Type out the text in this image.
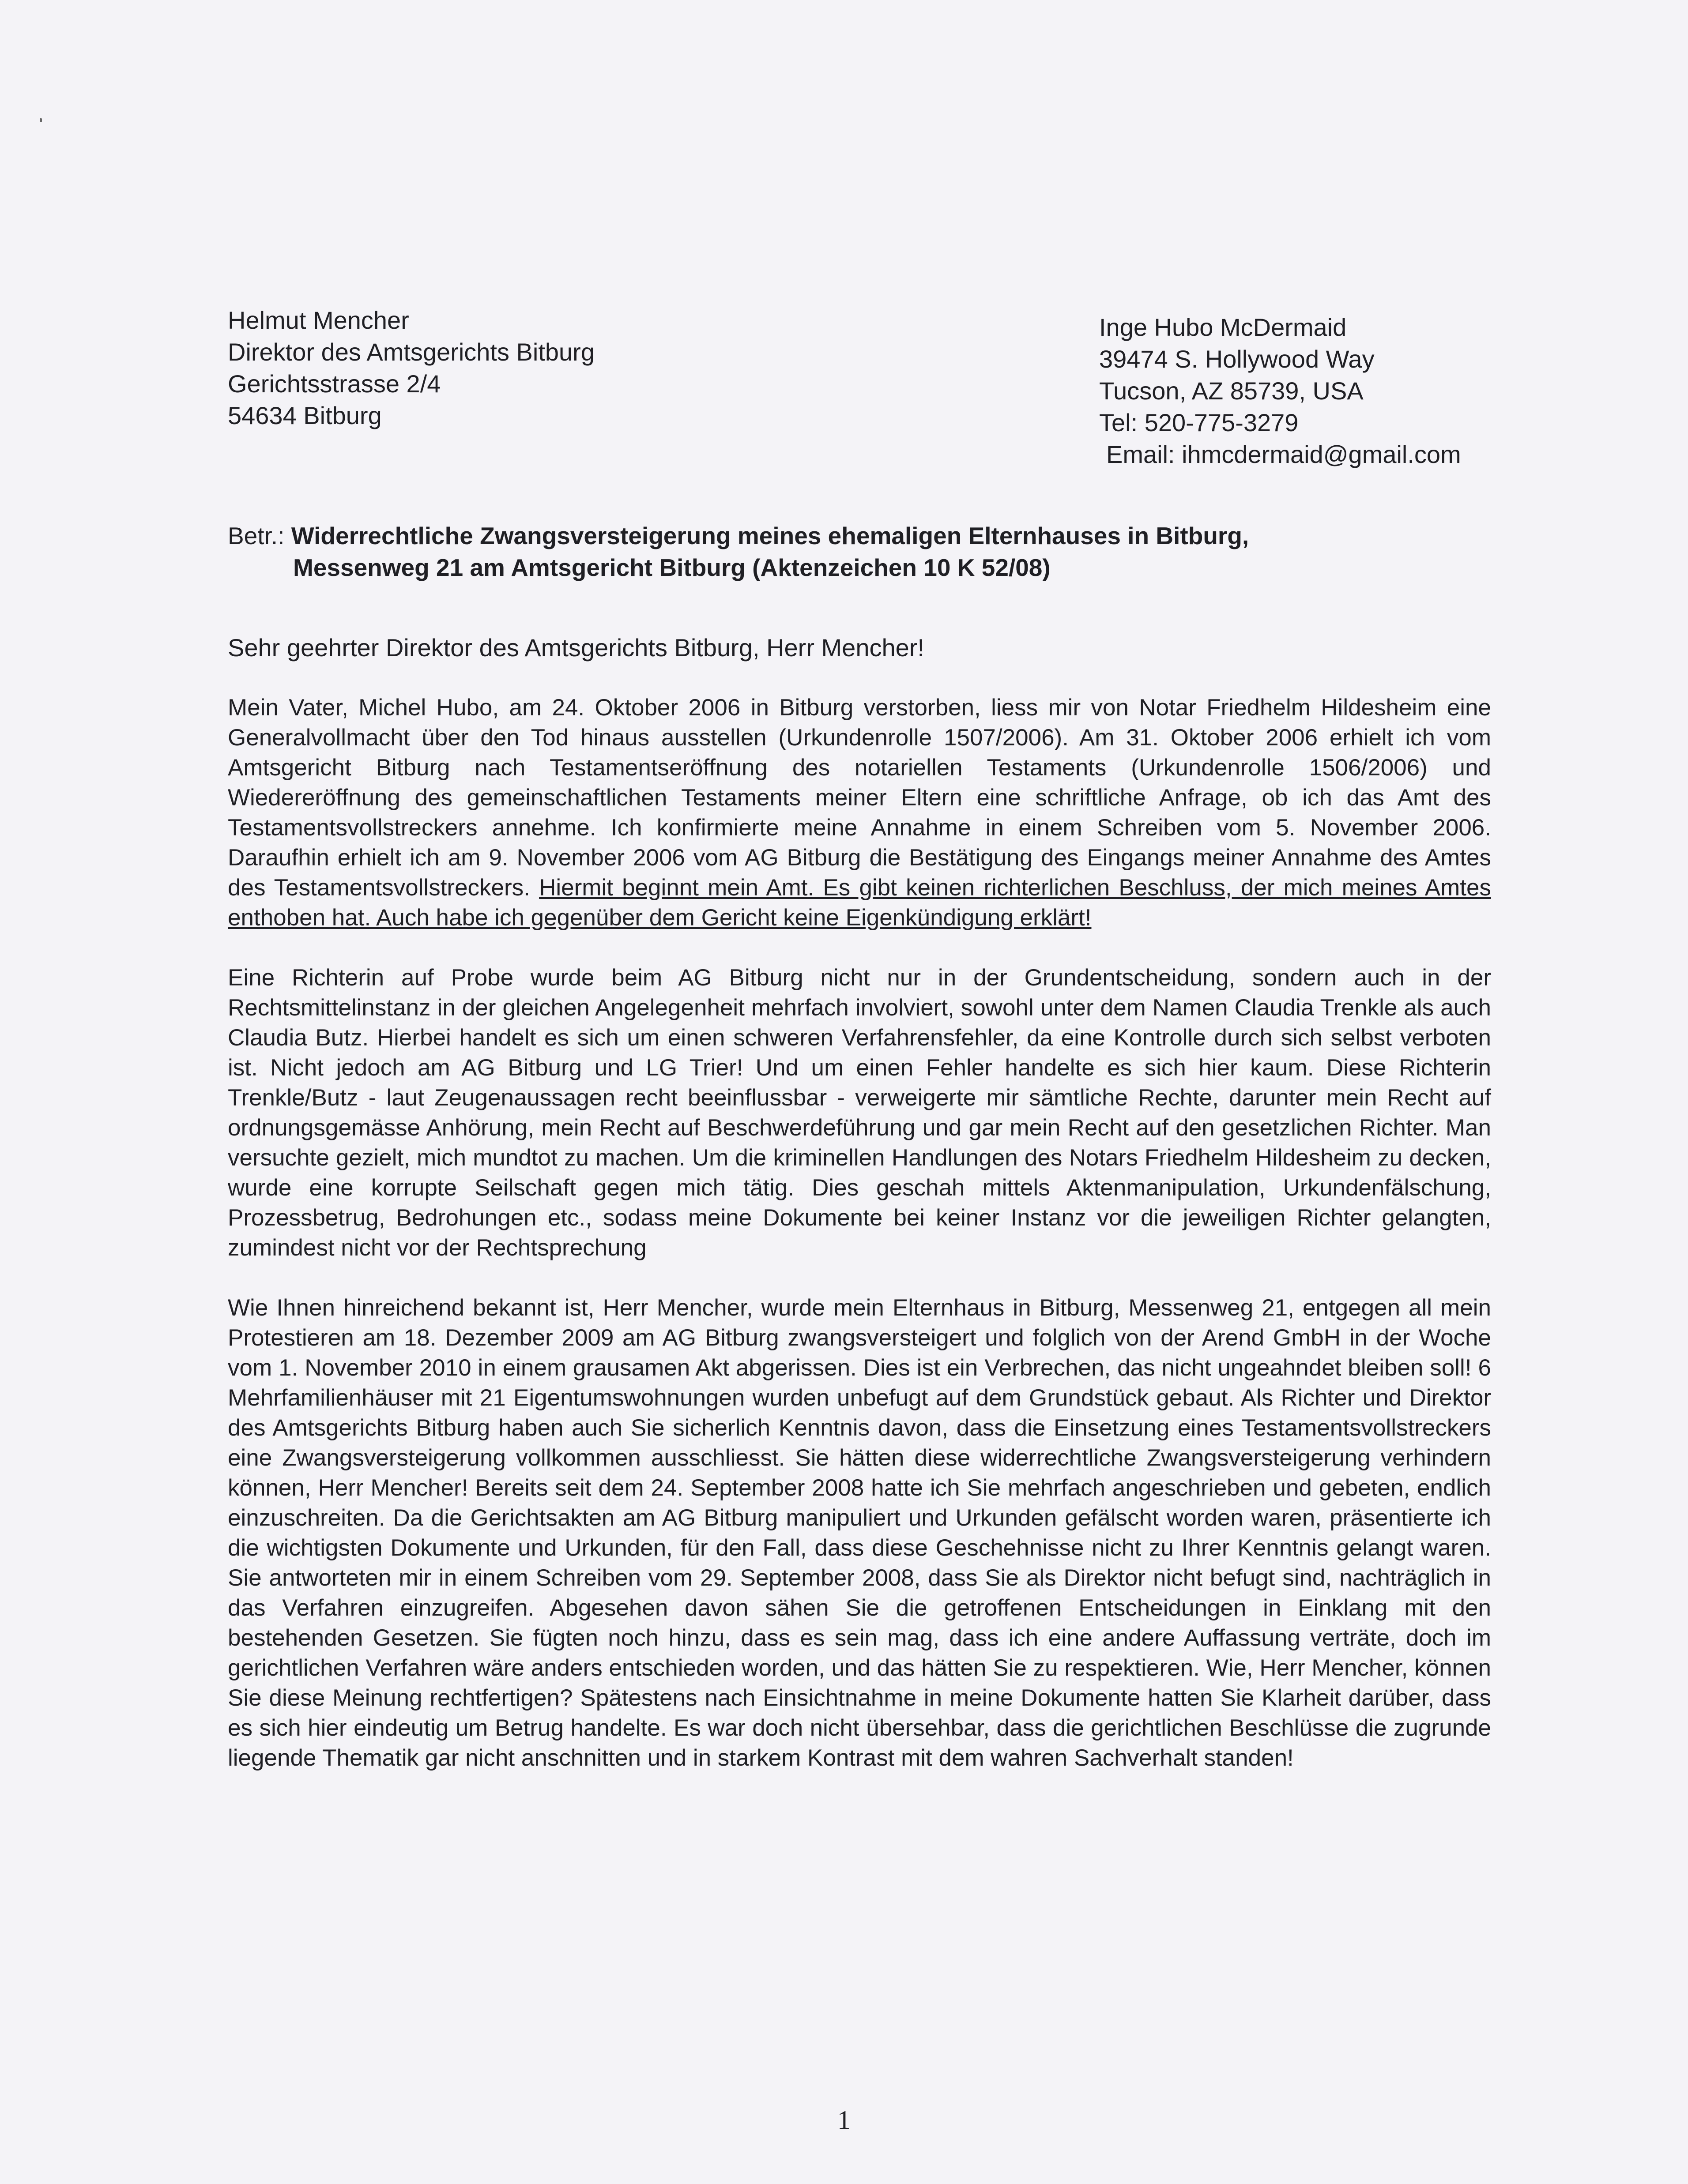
Helmut Mencher
Direktor des Amtsgerichts Bitburg
Gerichtsstrasse 2/4
54634 Bitburg
Inge Hubo McDermaid
39474 S. Hollywood Way
Tucson, AZ 85739, USA
Tel: 520-775-3279
Email: ihmcdermaid@gmail.com
Betr.: Widerrechtliche Zwangsversteigerung meines ehemaligen Elternhauses in Bitburg,
Messenweg 21 am Amtsgericht Bitburg (Aktenzeichen 10 K 52/08)
Sehr geehrter Direktor des Amtsgerichts Bitburg, Herr Mencher!

Mein Vater, Michel Hubo, am 24. Oktober 2006 in Bitburg verstorben, liess mir von Notar Friedhelm Hildesheim eine Generalvollmacht über den Tod hinaus ausstellen (Urkundenrolle 1507/2006). Am 31. Oktober 2006 erhielt ich vom Amtsgericht Bitburg nach Testamentseröffnung des notariellen Testaments (Urkundenrolle 1506/2006) und Wiedereröffnung des gemeinschaftlichen Testaments meiner Eltern eine schriftliche Anfrage, ob ich das Amt des Testamentsvollstreckers annehme. Ich konfirmierte meine Annahme in einem Schreiben vom 5. November 2006. Daraufhin erhielt ich am 9. November 2006 vom AG Bitburg die Bestätigung des Eingangs meiner Annahme des Amtes des Testamentsvollstreckers. Hiermit beginnt mein Amt. Es gibt keinen richterlichen Beschluss, der mich meines Amtes enthoben hat. Auch habe ich gegenüber dem Gericht keine Eigenkündigung erklärt!

Eine Richterin auf Probe wurde beim AG Bitburg nicht nur in der Grundentscheidung, sondern auch in der Rechtsmittelinstanz in der gleichen Angelegenheit mehrfach involviert, sowohl unter dem Namen Claudia Trenkle als auch Claudia Butz. Hierbei handelt es sich um einen schweren Verfahrensfehler, da eine Kontrolle durch sich selbst verboten ist. Nicht jedoch am AG Bitburg und LG Trier! Und um einen Fehler handelte es sich hier kaum. Diese Richterin Trenkle/Butz - laut Zeugenaussagen recht beeinflussbar - verweigerte mir sämtliche Rechte, darunter mein Recht auf ordnungsgemässe Anhörung, mein Recht auf Beschwerdeführung und gar mein Recht auf den gesetzlichen Richter. Man versuchte gezielt, mich mundtot zu machen. Um die kriminellen Handlungen des Notars Friedhelm Hildesheim zu decken, wurde eine korrupte Seilschaft gegen mich tätig. Dies geschah mittels Aktenmanipulation, Urkundenfälschung, Prozessbetrug, Bedrohungen etc., sodass meine Dokumente bei keiner Instanz vor die jeweiligen Richter gelangten, zumindest nicht vor der Rechtsprechung

Wie Ihnen hinreichend bekannt ist, Herr Mencher, wurde mein Elternhaus in Bitburg, Messenweg 21, entgegen all mein Protestieren am 18. Dezember 2009 am AG Bitburg zwangsversteigert und folglich von der Arend GmbH in der Woche vom 1. November 2010 in einem grausamen Akt abgerissen. Dies ist ein Verbrechen, das nicht ungeahndet bleiben soll! 6 Mehrfamilienhäuser mit 21 Eigentumswohnungen wurden unbefugt auf dem Grundstück gebaut. Als Richter und Direktor des Amtsgerichts Bitburg haben auch Sie sicherlich Kenntnis davon, dass die Einsetzung eines Testamentsvollstreckers eine Zwangsversteigerung vollkommen ausschliesst. Sie hätten diese widerrechtliche Zwangsversteigerung verhindern können, Herr Mencher! Bereits seit dem 24. September 2008 hatte ich Sie mehrfach angeschrieben und gebeten, endlich einzuschreiten. Da die Gerichtsakten am AG Bitburg manipuliert und Urkunden gefälscht worden waren, präsentierte ich die wichtigsten Dokumente und Urkunden, für den Fall, dass diese Geschehnisse nicht zu Ihrer Kenntnis gelangt waren. Sie antworteten mir in einem Schreiben vom 29. September 2008, dass Sie als Direktor nicht befugt sind, nachträglich in das Verfahren einzugreifen. Abgesehen davon sähen Sie die getroffenen Entscheidungen in Einklang mit den bestehenden Gesetzen. Sie fügten noch hinzu, dass es sein mag, dass ich eine andere Auffassung verträte, doch im gerichtlichen Verfahren wäre anders entschieden worden, und das hätten Sie zu respektieren. Wie, Herr Mencher, können Sie diese Meinung rechtfertigen? Spätestens nach Einsichtnahme in meine Dokumente hatten Sie Klarheit darüber, dass es sich hier eindeutig um Betrug handelte. Es war doch nicht übersehbar, dass die gerichtlichen Beschlüsse die zugrunde liegende Thematik gar nicht anschnitten und in starkem Kontrast mit dem wahren Sachverhalt standen!

1
